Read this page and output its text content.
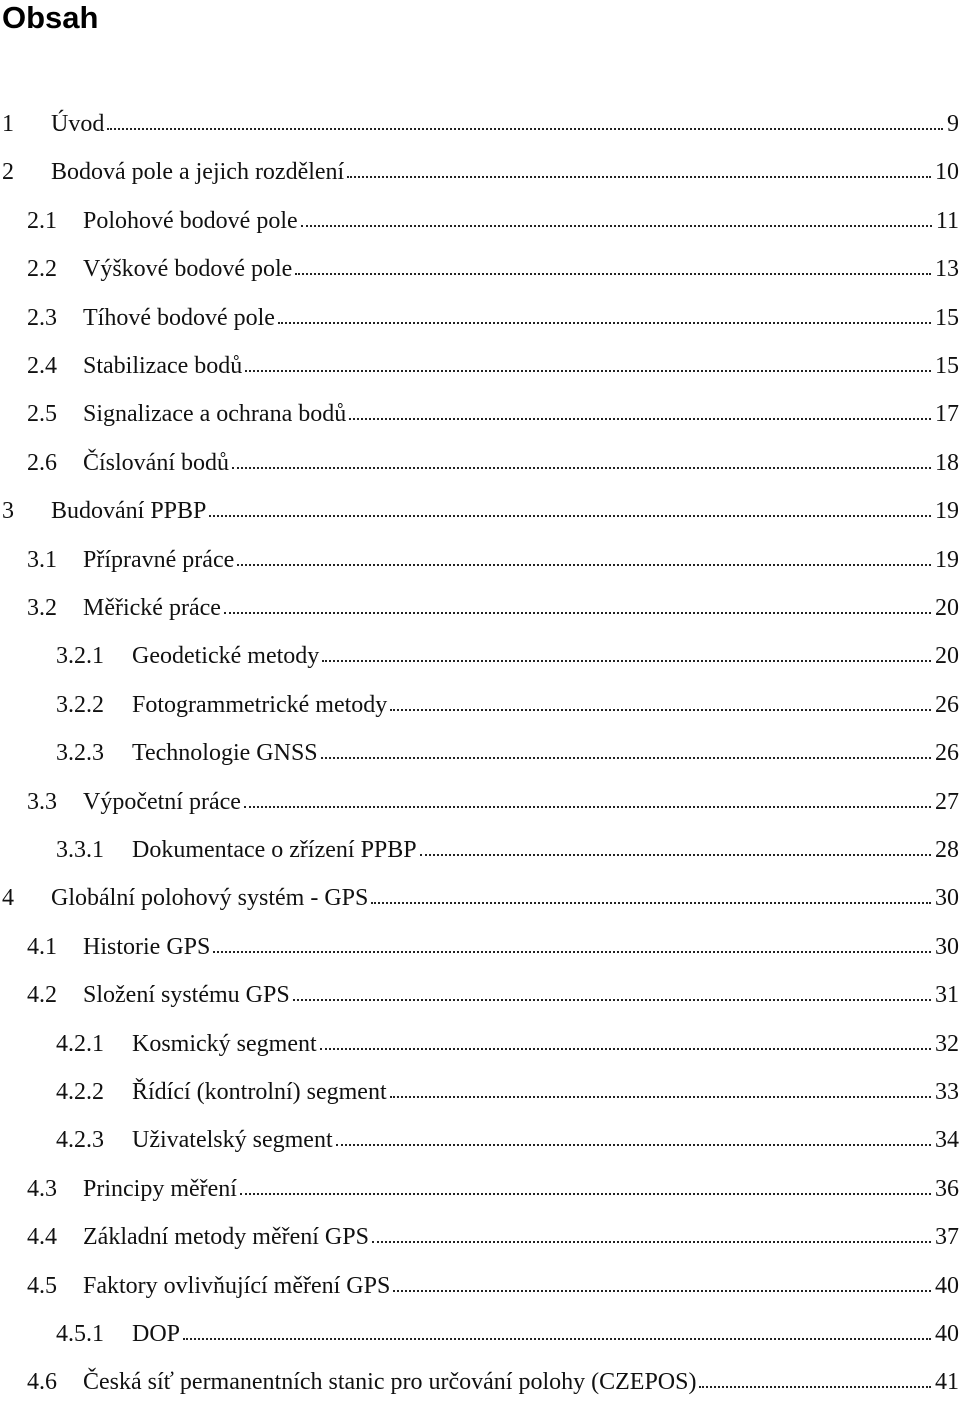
Obsah
1 Úvod	9
2 Bodová pole a jejich rozdělení	10
2.1 Polohové bodové pole	11
2.2 Výškové bodové pole	13
2.3 Tíhové bodové pole	15
2.4 Stabilizace bodů	15
2.5 Signalizace a ochrana bodů	17
2.6 Číslování bodů	18
3 Budování PPBP	19
3.1 Přípravné práce	19
3.2 Měřické práce	20
3.2.1 Geodetické metody	20
3.2.2 Fotogrammetrické metody	26
3.2.3 Technologie GNSS	26
3.3 Výpočetní práce	27
3.3.1 Dokumentace o zřízení PPBP	28
4 Globální polohový systém - GPS	30
4.1 Historie GPS	30
4.2 Složení systému GPS	31
4.2.1 Kosmický segment	32
4.2.2 Řídící (kontrolní) segment	33
4.2.3 Uživatelský segment	34
4.3 Principy měření	36
4.4 Základní metody měření GPS	37
4.5 Faktory ovlivňující měření GPS	40
4.5.1 DOP	40
4.6 Česká síť permanentních stanic pro určování polohy (CZEPOS)	41
